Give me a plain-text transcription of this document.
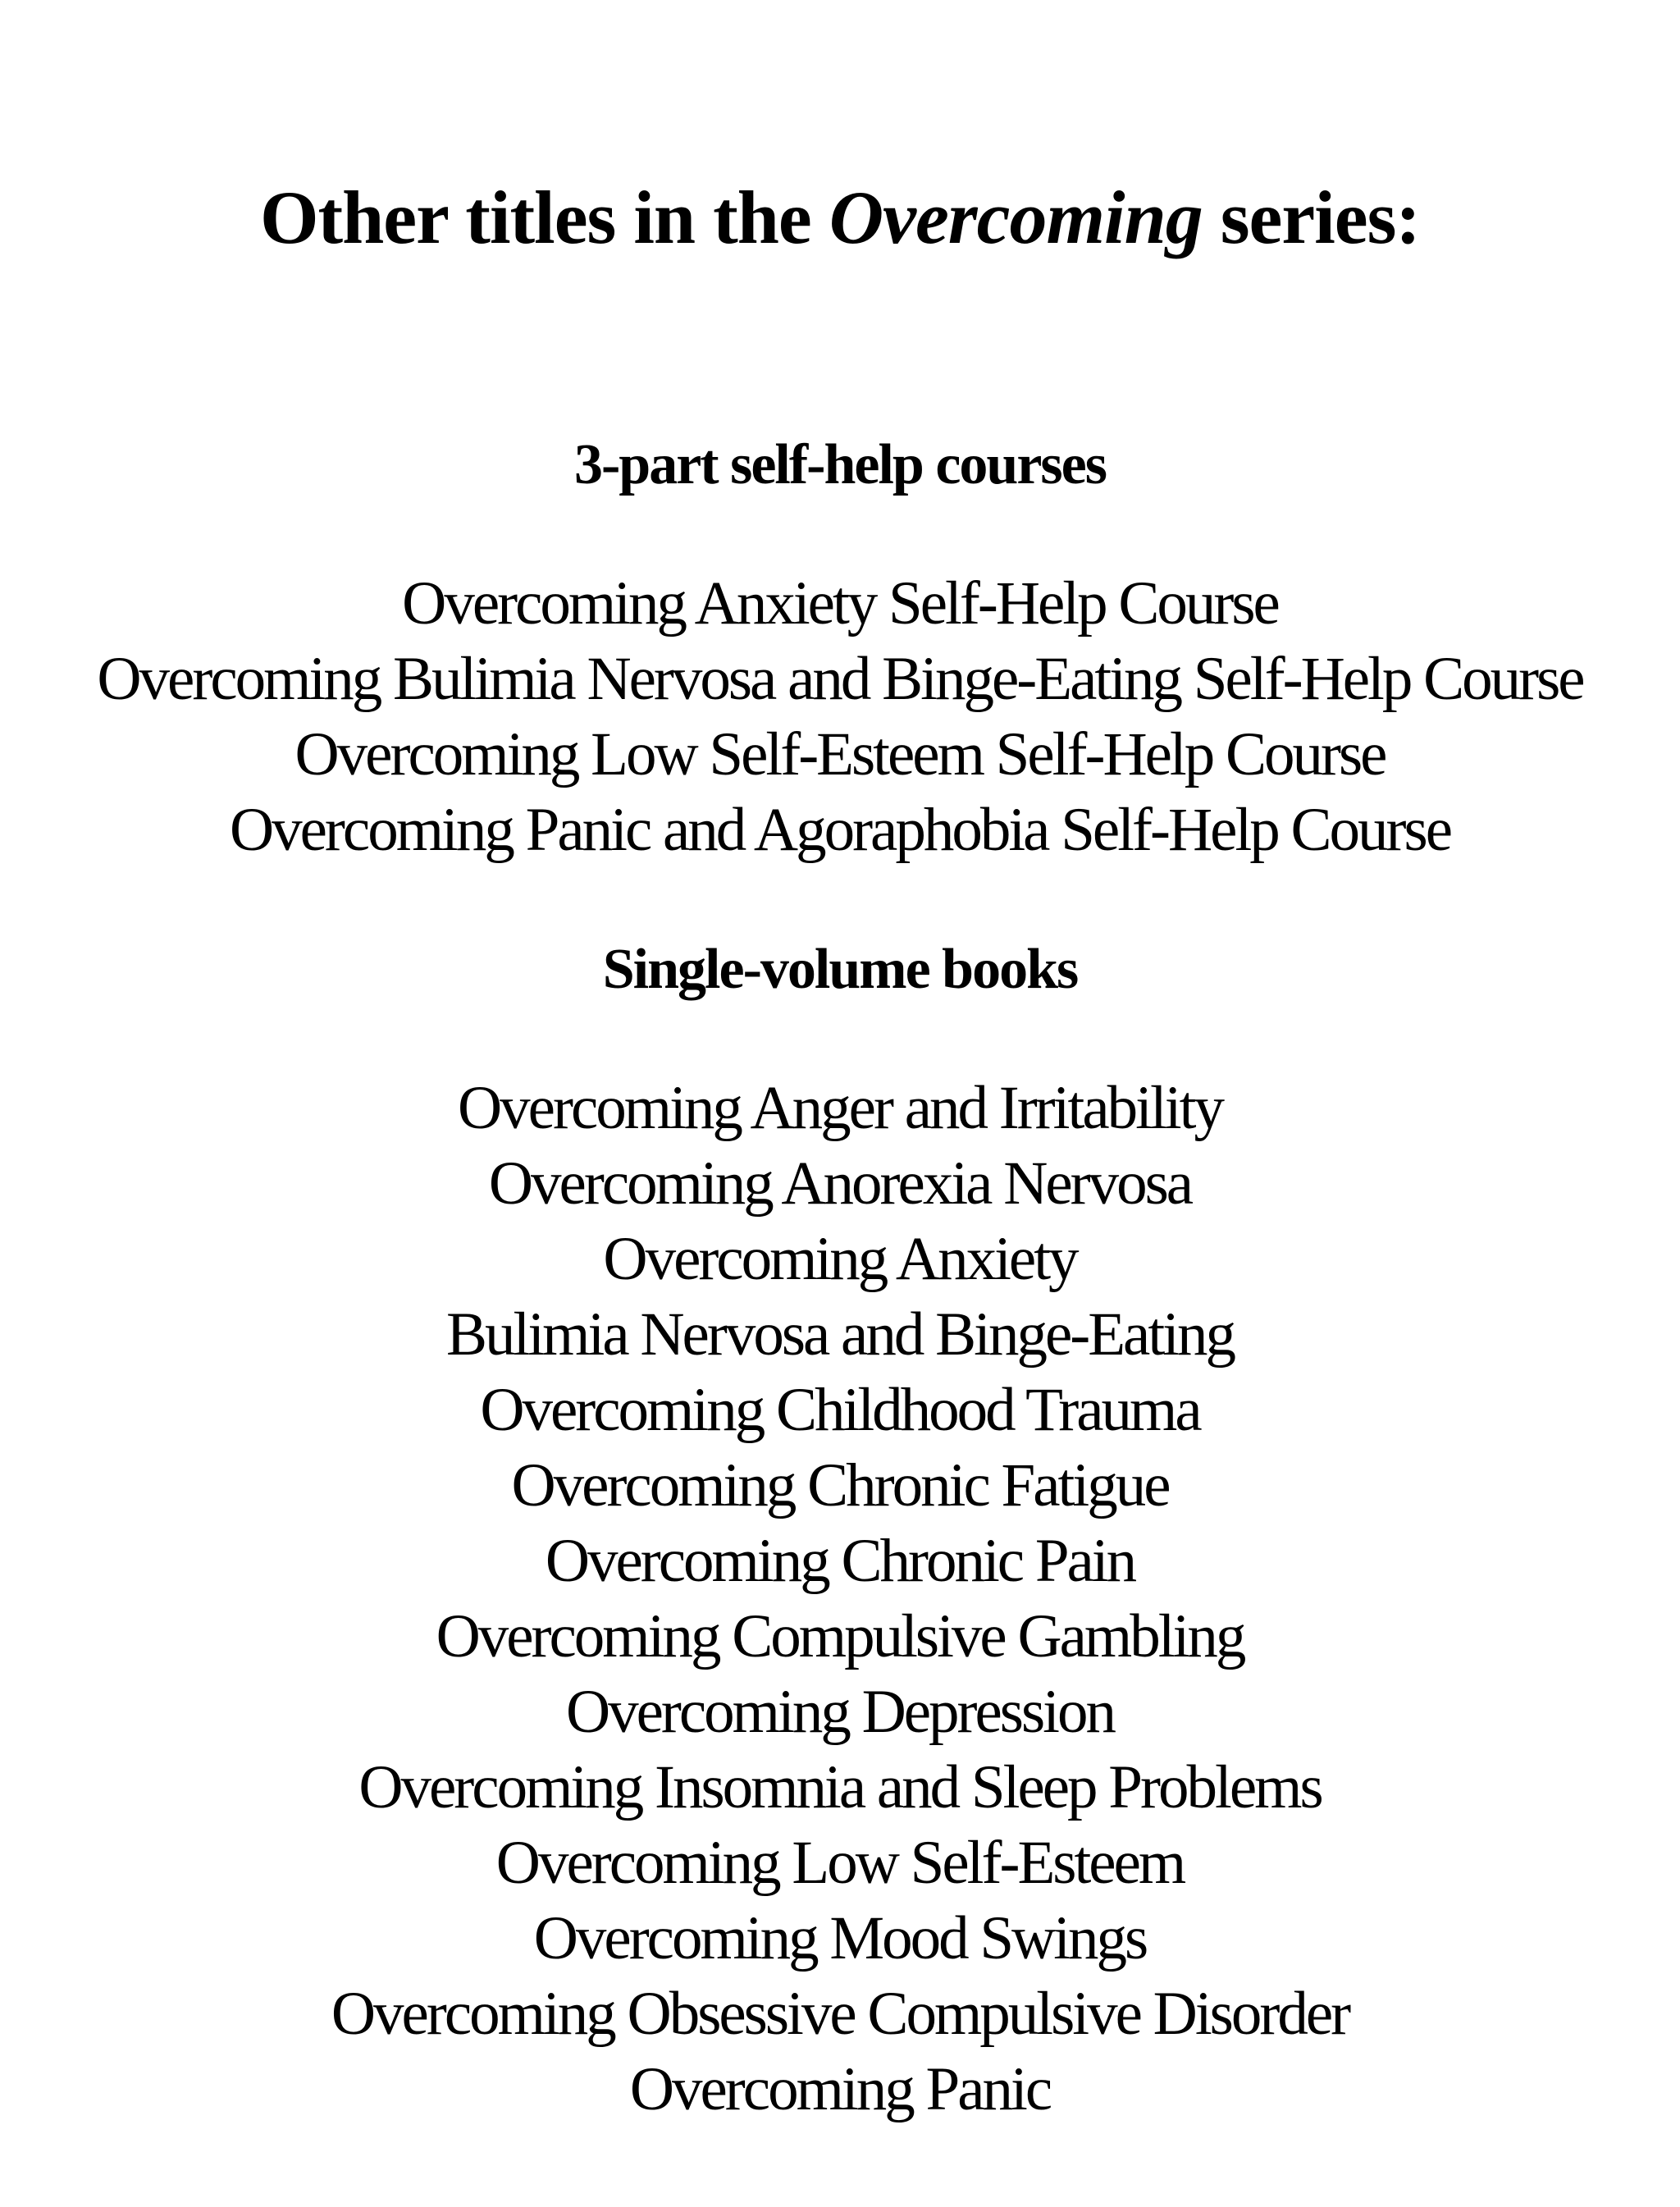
Other titles in the Overcoming series:
3-part self-help courses
Overcoming Anxiety Self-Help Course
Overcoming Bulimia Nervosa and Binge-Eating Self-Help Course
Overcoming Low Self-Esteem Self-Help Course
Overcoming Panic and Agoraphobia Self-Help Course
Single-volume books
Overcoming Anger and Irritability
Overcoming Anorexia Nervosa
Overcoming Anxiety
Bulimia Nervosa and Binge-Eating
Overcoming Childhood Trauma
Overcoming Chronic Fatigue
Overcoming Chronic Pain
Overcoming Compulsive Gambling
Overcoming Depression
Overcoming Insomnia and Sleep Problems
Overcoming Low Self-Esteem
Overcoming Mood Swings
Overcoming Obsessive Compulsive Disorder
Overcoming Panic
